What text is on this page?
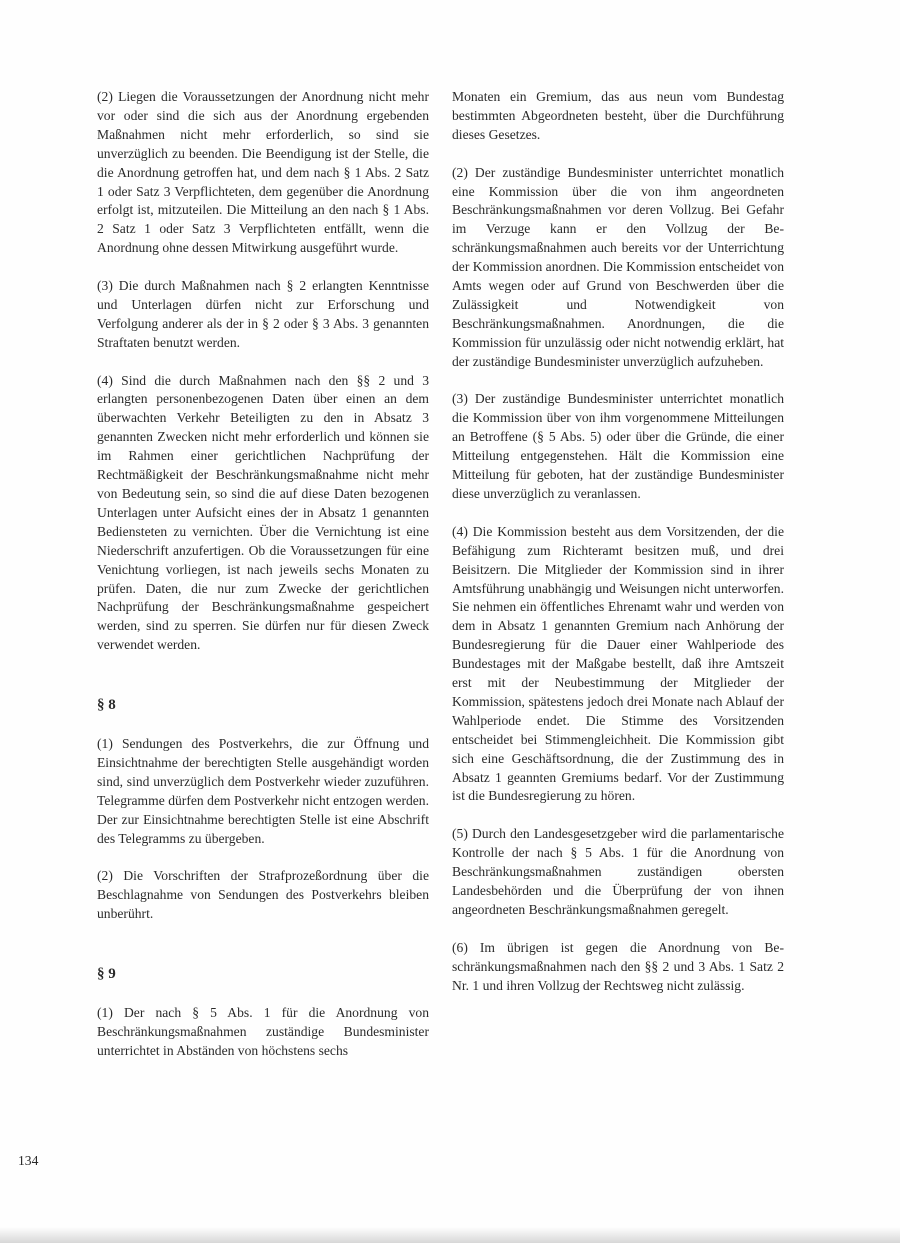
(2) Liegen die Voraussetzungen der Anordnung nicht mehr vor oder sind die sich aus der Anordnung ergebenden Maßnahmen nicht mehr erforderlich, so sind sie unverzüglich zu beenden. Die Beendigung ist der Stelle, die die Anordnung getroffen hat, und dem nach § 1 Abs. 2 Satz 1 oder Satz 3 Verpflichteten, dem gegenüber die Anordnung erfolgt ist, mitzuteilen. Die Mitteilung an den nach § 1 Abs. 2 Satz 1 oder Satz 3 Verpflichteten entfällt, wenn die Anordnung ohne dessen Mitwirkung ausgeführt wurde.

(3) Die durch Maßnahmen nach § 2 erlangten Kenntnisse und Unterlagen dürfen nicht zur Erforschung und Verfolgung anderer als der in § 2 oder § 3 Abs. 3 genannten Straftaten benutzt werden.

(4) Sind die durch Maßnahmen nach den §§ 2 und 3 erlangten personenbezogenen Daten über einen an dem überwachten Verkehr Beteiligten zu den in Absatz 3 genannten Zwecken nicht mehr erforderlich und können sie im Rahmen einer gerichtlichen Nachprüfung der Rechtmäßigkeit der Beschränkungsmaßnahme nicht mehr von Bedeutung sein, so sind die auf diese Daten bezogenen Unterlagen unter Aufsicht eines der in Absatz 1 genannten Bediensteten zu vernichten. Über die Vernichtung ist eine Niederschrift anzufertigen. Ob die Voraussetzungen für eine Venichtung vorliegen, ist nach jeweils sechs Monaten zu prüfen. Daten, die nur zum Zwecke der gerichtlichen Nachprüfung der Beschränkungsmaßnahme gespeichert werden, sind zu sperren. Sie dürfen nur für diesen Zweck verwendet werden.

§ 8

(1) Sendungen des Postverkehrs, die zur Öffnung und Einsichtnahme der berechtigten Stelle ausgehändigt worden sind, sind unverzüglich dem Postverkehr wieder zuzuführen. Telegramme dürfen dem Postverkehr nicht entzogen werden. Der zur Einsichtnahme berechtigten Stelle ist eine Abschrift des Telegramms zu übergeben.

(2) Die Vorschriften der Strafprozeßordnung über die Beschlagnahme von Sendungen des Postverkehrs bleiben unberührt.

§ 9

(1) Der nach § 5 Abs. 1 für die Anordnung von Beschränkungsmaßnahmen zuständige Bundesminister unterrichtet in Abständen von höchstens sechs

Monaten ein Gremium, das aus neun vom Bundestag bestimmten Abgeordneten besteht, über die Durchführung dieses Gesetzes.

(2) Der zuständige Bundesminister unterrichtet monatlich eine Kommission über die von ihm angeordneten Beschränkungsmaßnahmen vor deren Vollzug. Bei Gefahr im Verzuge kann er den Vollzug der Beschränkungsmaßnahmen auch bereits vor der Unterrichtung der Kommission anordnen. Die Kommission entscheidet von Amts wegen oder auf Grund von Beschwerden über die Zulässigkeit und Notwendigkeit von Beschränkungsmaßnahmen. Anordnungen, die die Kommission für unzulässig oder nicht notwendig erklärt, hat der zuständige Bundesminister unverzüglich aufzuheben.

(3) Der zuständige Bundesminister unterrichtet monatlich die Kommission über von ihm vorgenommene Mitteilungen an Betroffene (§ 5 Abs. 5) oder über die Gründe, die einer Mitteilung entgegenstehen. Hält die Kommission eine Mitteilung für geboten, hat der zuständige Bundesminister diese unverzüglich zu veranlassen.

(4) Die Kommission besteht aus dem Vorsitzenden, der die Befähigung zum Richteramt besitzen muß, und drei Beisitzern. Die Mitglieder der Kommission sind in ihrer Amtsführung unabhängig und Weisungen nicht unterworfen. Sie nehmen ein öffentliches Ehrenamt wahr und werden von dem in Absatz 1 genannten Gremium nach Anhörung der Bundesregierung für die Dauer einer Wahlperiode des Bundestages mit der Maßgabe bestellt, daß ihre Amtszeit erst mit der Neubestimmung der Mitglieder der Kommission, spätestens jedoch drei Monate nach Ablauf der Wahlperiode endet. Die Stimme des Vorsitzenden entscheidet bei Stimmengleichheit. Die Kommission gibt sich eine Geschäftsordnung, die der Zustimmung des in Absatz 1 geannten Gremiums bedarf. Vor der Zustimmung ist die Bundesregierung zu hören.

(5) Durch den Landesgesetzgeber wird die parlamentarische Kontrolle der nach § 5 Abs. 1 für die Anordnung von Beschränkungsmaßnahmen zuständigen obersten Landesbehörden und die Überprüfung der von ihnen angeordneten Beschränkungsmaßnahmen geregelt.

(6) Im übrigen ist gegen die Anordnung von Beschränkungsmaßnahmen nach den §§ 2 und 3 Abs. 1 Satz 2 Nr. 1 und ihren Vollzug der Rechtsweg nicht zulässig.

134
